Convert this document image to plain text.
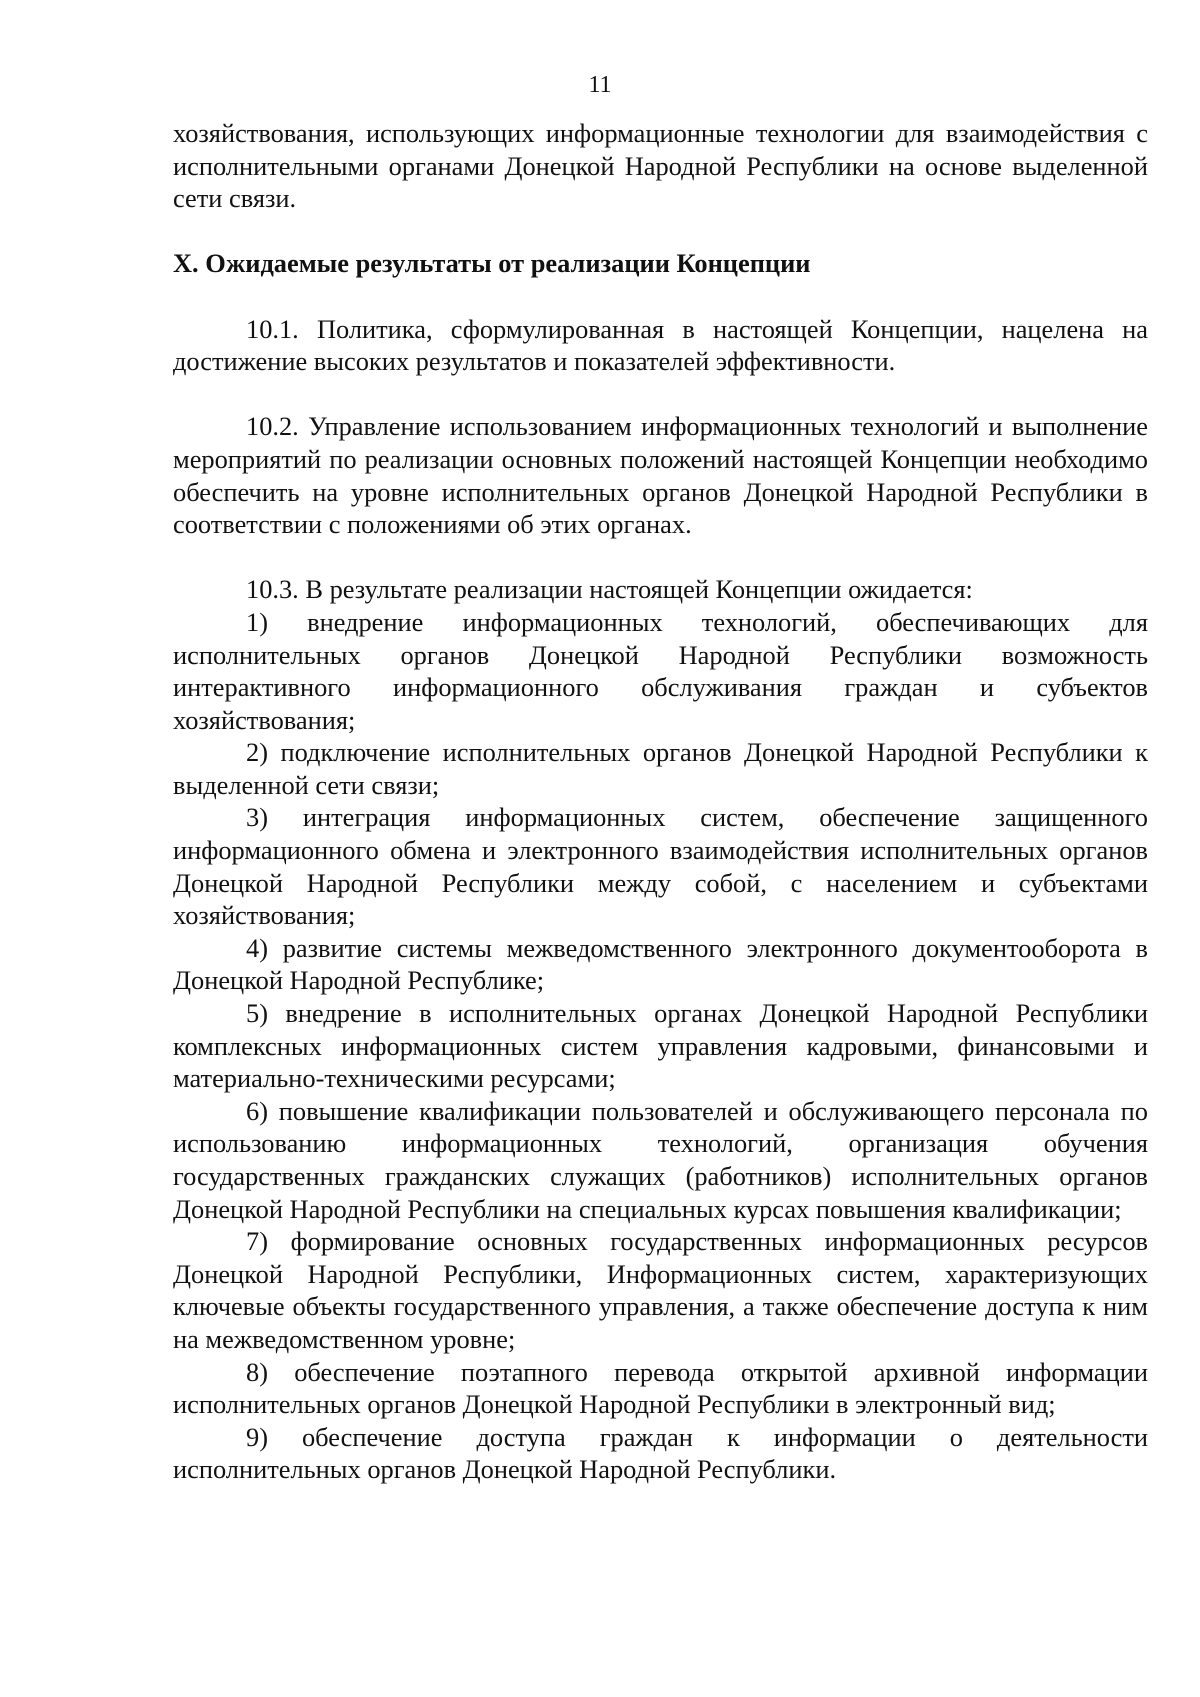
11

хозяйствования, использующих информационные технологии для взаимодействия с исполнительными органами Донецкой Народной Республики на основе выделенной сети связи.

X. Ожидаемые результаты от реализации Концепции

10.1. Политика, сформулированная в настоящей Концепции, нацелена на достижение высоких результатов и показателей эффективности.

10.2. Управление использованием информационных технологий и выполнение мероприятий по реализации основных положений настоящей Концепции необходимо обеспечить на уровне исполнительных органов Донецкой Народной Республики в соответствии с положениями об этих органах.

10.3. В результате реализации настоящей Концепции ожидается:

1) внедрение информационных технологий, обеспечивающих для исполнительных органов Донецкой Народной Республики возможность интерактивного информационного обслуживания граждан и субъектов хозяйствования;

2) подключение исполнительных органов Донецкой Народной Республики к выделенной сети связи;

3) интеграция информационных систем, обеспечение защищенного информационного обмена и электронного взаимодействия исполнительных органов Донецкой Народной Республики между собой, с населением и субъектами хозяйствования;

4) развитие системы межведомственного электронного документооборота в Донецкой Народной Республике;

5) внедрение в исполнительных органах Донецкой Народной Республики комплексных информационных систем управления кадровыми, финансовыми и материально-техническими ресурсами;

6) повышение квалификации пользователей и обслуживающего персонала по использованию информационных технологий, организация обучения государственных гражданских служащих (работников) исполнительных органов Донецкой Народной Республики на специальных курсах повышения квалификации;

7) формирование основных государственных информационных ресурсов Донецкой Народной Республики, Информационных систем, характеризующих ключевые объекты государственного управления, а также обеспечение доступа к ним на межведомственном уровне;

8) обеспечение поэтапного перевода открытой архивной информации исполнительных органов Донецкой Народной Республики в электронный вид;

9) обеспечение доступа граждан к информации о деятельности исполнительных органов Донецкой Народной Республики.
